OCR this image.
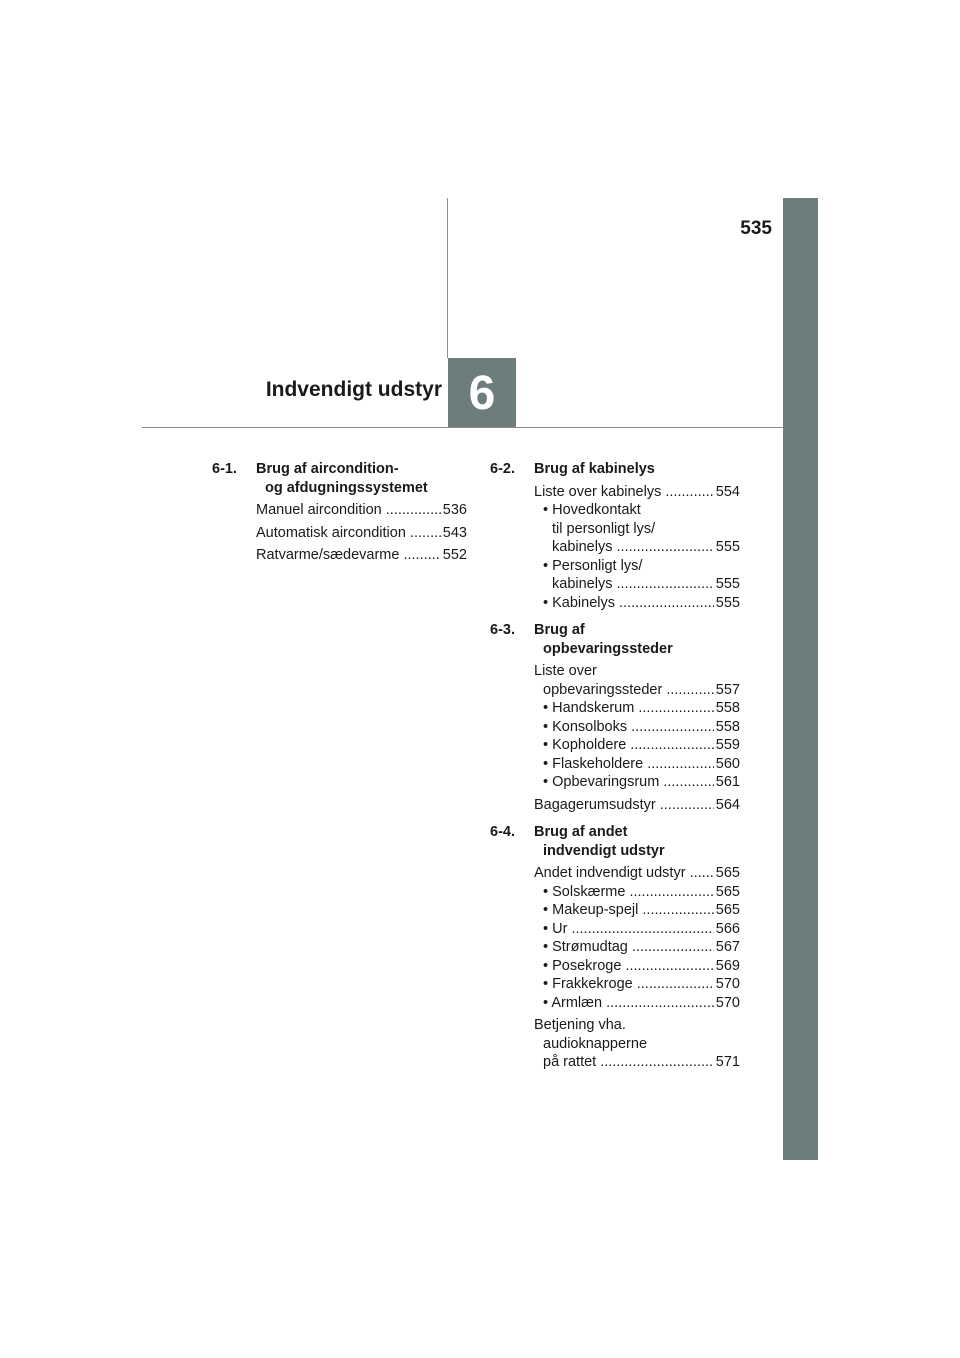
535
6
Indvendigt udstyr
6-1.	Brug af aircondition-
og afdugningssystemet
Manuel aircondition .....	536
Automatisk aircondition .....	543
Ratvarme/sædevarme .....	552
6-2.	Brug af kabinelys
Liste over kabinelys .....	554
• Hovedkontakt
til personligt lys/
kabinelys .....	555
• Personligt lys/
kabinelys .....	555
• Kabinelys .....	555
6-3.	Brug af
opbevaringssteder
Liste over
opbevaringssteder .....	557
• Handskerum .....	558
• Konsolboks .....	558
• Kopholdere .....	559
• Flaskeholdere .....	560
• Opbevaringsrum .....	561
Bagagerumsudstyr .....	564
6-4.	Brug af andet
indvendigt udstyr
Andet indvendigt udstyr .....	565
• Solskærme .....	565
• Makeup-spejl .....	565
• Ur .....	566
• Strømudtag .....	567
• Posekroge .....	569
• Frakkekroge .....	570
• Armlæn .....	570
Betjening vha.
audioknapperne
på rattet .....	571
